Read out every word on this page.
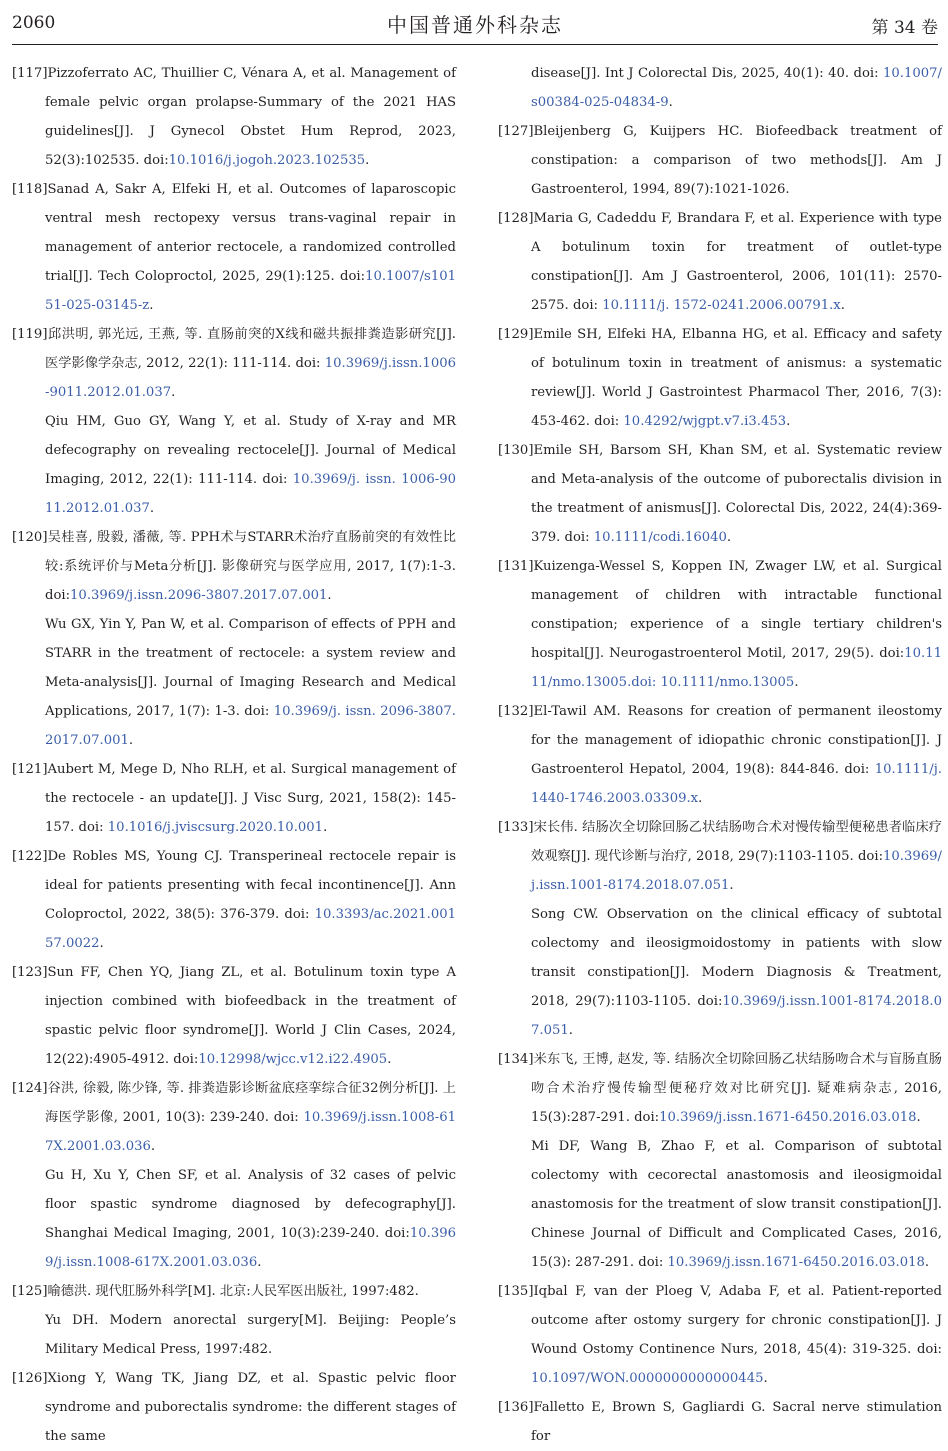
2060	中国普通外科杂志	第 34 卷
[117]Pizzoferrato AC, Thuillier C, Vénara A, et al. Management of female pelvic organ prolapse-Summary of the 2021 HAS guidelines[J]. J Gynecol Obstet Hum Reprod, 2023, 52(3):102535. doi:10.1016/j.jogoh.2023.102535.
[118]Sanad A, Sakr A, Elfeki H, et al. Outcomes of laparoscopic ventral mesh rectopexy versus trans-vaginal repair in management of anterior rectocele, a randomized controlled trial[J]. Tech Coloproctol, 2025, 29(1):125. doi:10.1007/s10151-025-03145-z.
[119]邱洪明, 郭光远, 王燕, 等. 直肠前突的X线和磁共振排粪造影研究[J]. 医学影像学杂志, 2012, 22(1): 111-114. doi: 10.3969/j.issn.1006-9011.2012.01.037.
Qiu HM, Guo GY, Wang Y, et al. Study of X-ray and MR defecography on revealing rectocele[J]. Journal of Medical Imaging, 2012, 22(1): 111-114. doi: 10.3969/j. issn. 1006-9011.2012.01.037.
[120]吴桂喜, 殷毅, 潘薇, 等. PPH术与STARR术治疗直肠前突的有效性比较:系统评价与Meta分析[J]. 影像研究与医学应用, 2017, 1(7):1-3. doi:10.3969/j.issn.2096-3807.2017.07.001.
Wu GX, Yin Y, Pan W, et al. Comparison of effects of PPH and STARR in the treatment of rectocele: a system review and Meta-analysis[J]. Journal of Imaging Research and Medical Applications, 2017, 1(7): 1-3. doi: 10.3969/j. issn. 2096-3807.2017.07.001.
[121]Aubert M, Mege D, Nho RLH, et al. Surgical management of the rectocele - an update[J]. J Visc Surg, 2021, 158(2): 145-157. doi: 10.1016/j.jviscsurg.2020.10.001.
[122]De Robles MS, Young CJ. Transperineal rectocele repair is ideal for patients presenting with fecal incontinence[J]. Ann Coloproctol, 2022, 38(5): 376-379. doi: 10.3393/ac.2021.00157.0022.
[123]Sun FF, Chen YQ, Jiang ZL, et al. Botulinum toxin type A injection combined with biofeedback in the treatment of spastic pelvic floor syndrome[J]. World J Clin Cases, 2024, 12(22):4905-4912. doi:10.12998/wjcc.v12.i22.4905.
[124]谷洪, 徐毅, 陈少锋, 等. 排粪造影诊断盆底痉挛综合征32例分析[J]. 上海医学影像, 2001, 10(3): 239-240. doi: 10.3969/j.issn.1008-617X.2001.03.036.
Gu H, Xu Y, Chen SF, et al. Analysis of 32 cases of pelvic floor spastic syndrome diagnosed by defecography[J]. Shanghai Medical Imaging, 2001, 10(3):239-240. doi:10.3969/j.issn.1008-617X.2001.03.036.
[125]喻德洪. 现代肛肠外科学[M]. 北京:人民军医出版社, 1997:482.
Yu DH. Modern anorectal surgery[M]. Beijing: People’s Military Medical Press, 1997:482.
[126]Xiong Y, Wang TK, Jiang DZ, et al. Spastic pelvic floor syndrome and puborectalis syndrome: the different stages of the same
disease[J]. Int J Colorectal Dis, 2025, 40(1): 40. doi: 10.1007/s00384-025-04834-9.
[127]Bleijenberg G, Kuijpers HC. Biofeedback treatment of constipation: a comparison of two methods[J]. Am J Gastroenterol, 1994, 89(7):1021-1026.
[128]Maria G, Cadeddu F, Brandara F, et al. Experience with type A botulinum toxin for treatment of outlet-type constipation[J]. Am J Gastroenterol, 2006, 101(11): 2570-2575. doi: 10.1111/j. 1572-0241.2006.00791.x.
[129]Emile SH, Elfeki HA, Elbanna HG, et al. Efficacy and safety of botulinum toxin in treatment of anismus: a systematic review[J]. World J Gastrointest Pharmacol Ther, 2016, 7(3): 453-462. doi: 10.4292/wjgpt.v7.i3.453.
[130]Emile SH, Barsom SH, Khan SM, et al. Systematic review and Meta-analysis of the outcome of puborectalis division in the treatment of anismus[J]. Colorectal Dis, 2022, 24(4):369-379. doi: 10.1111/codi.16040.
[131]Kuizenga-Wessel S, Koppen IN, Zwager LW, et al. Surgical management of children with intractable functional constipation; experience of a single tertiary children's hospital[J]. Neurogastroenterol Motil, 2017, 29(5). doi:10.1111/nmo.13005.doi: 10.1111/nmo.13005.
[132]El-Tawil AM. Reasons for creation of permanent ileostomy for the management of idiopathic chronic constipation[J]. J Gastroenterol Hepatol, 2004, 19(8): 844-846. doi: 10.1111/j. 1440-1746.2003.03309.x.
[133]宋长伟. 结肠次全切除回肠乙状结肠吻合术对慢传输型便秘患者临床疗效观察[J]. 现代诊断与治疗, 2018, 29(7):1103-1105. doi:10.3969/j.issn.1001-8174.2018.07.051.
Song CW. Observation on the clinical efficacy of subtotal colectomy and ileosigmoidostomy in patients with slow transit constipation[J]. Modern Diagnosis & Treatment, 2018, 29(7):1103-1105. doi:10.3969/j.issn.1001-8174.2018.07.051.
[134]米东飞, 王博, 赵发, 等. 结肠次全切除回肠乙状结肠吻合术与盲肠直肠吻合术治疗慢传输型便秘疗效对比研究[J]. 疑难病杂志, 2016, 15(3):287-291. doi:10.3969/j.issn.1671-6450.2016.03.018.
Mi DF, Wang B, Zhao F, et al. Comparison of subtotal colectomy with cecorectal anastomosis and ileosigmoidal anastomosis for the treatment of slow transit constipation[J]. Chinese Journal of Difficult and Complicated Cases, 2016, 15(3): 287-291. doi: 10.3969/j.issn.1671-6450.2016.03.018.
[135]Iqbal F, van der Ploeg V, Adaba F, et al. Patient-reported outcome after ostomy surgery for chronic constipation[J]. J Wound Ostomy Continence Nurs, 2018, 45(4): 319-325. doi: 10.1097/WON.0000000000000445.
[136]Falletto E, Brown S, Gagliardi G. Sacral nerve stimulation for
